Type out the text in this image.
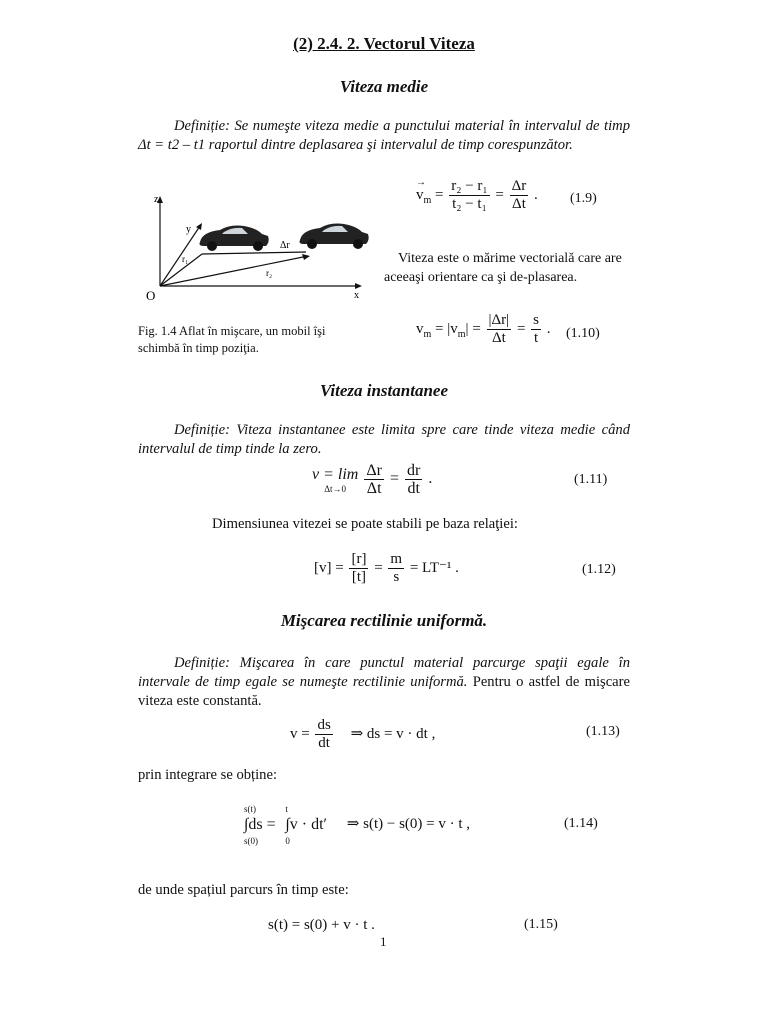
(2) 2.4. 2. Vectorul Viteza
Viteza medie
Definiție: Se numeşte viteza medie a punctului material în intervalul de timp Δt = t2 – t1 raportul dintre deplasarea şi intervalul de timp corespunzător.
z
y
x
O
r₁
r₂
Δr
Fig. 1.4 Aflat în mişcare, un mobil îşi schimbă în timp poziţia.
→ $v_m = \frac{\text{r₂ − r₁}}{\text{t₂ − t₁}} = \frac{\Delta r}{\Delta t}$ . (1.9)
Viteza este o mărime vectorială care are aceeaşi orientare ca şi de-plasarea.
$v_m = |v_m| = \frac{|\Delta r|}{\Delta t} = \frac{s}{t}$ . (1.10)
Viteza instantanee
Definiție: Viteza instantanee este limita spre care tinde viteza medie când intervalul de timp tinde la zero.
v = lim
Δt→0
$\frac{\Delta r}{\Delta t} = \frac{dr}{dt}$ .	(1.11)
Dimensiunea vitezei se poate stabili pe baza relaţiei:
$[v] = \frac{[r]}{[t]} = \frac{m}{s} = LT^{-1}$ .	(1.12)
Mişcarea rectilinie uniformă.
Definiție: Mişcarea în care punctul material parcurge spaţii egale în intervale de timp egale se numeşte rectilinie uniformă. Pentru o astfel de mişcare viteza este constantă.
$v = \frac{ds}{dt}$ ⇒ ds = v · dt ,	(1.13)
prin integrare se obține:
s(t)
∫ds =
s(0)

t
∫v · dt′
0
⇒ s(t) − s(0) = v · t ,	(1.14)
de unde spațiul parcurs în timp este:
s(t) = s(0) + v · t .	(1.15)
1
